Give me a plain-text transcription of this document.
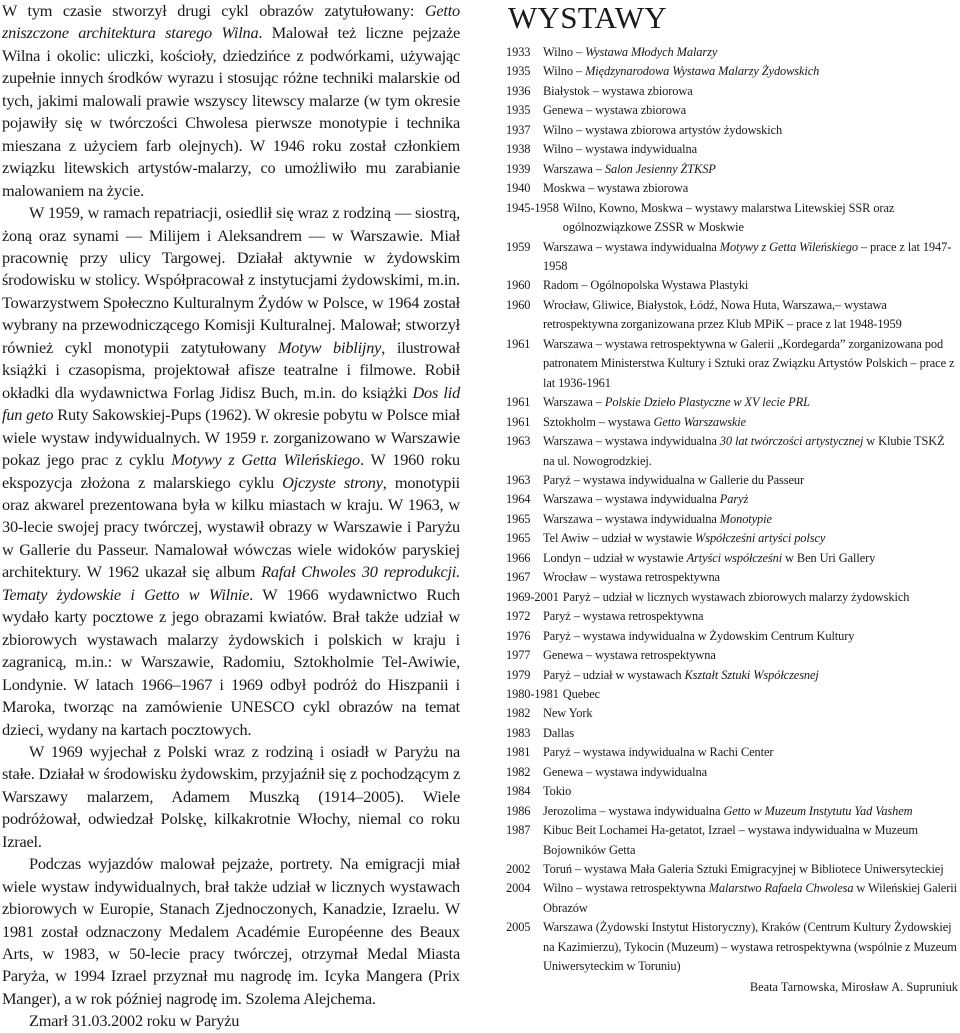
W tym czasie stworzył drugi cykl obrazów zatytułowany: Getto zniszczone architektura starego Wilna. Malował też liczne pejzaże Wilna i okolic: uliczki, kościoły, dziedzińce z podwórkami, używając zupełnie innych środków wyrazu i stosując różne techniki malarskie od tych, jakimi malowali prawie wszyscy litewscy malarze (w tym okresie pojawiły się w twórczości Chwolesa pierwsze monotypie i technika mieszana z użyciem farb olejnych). W 1946 roku został członkiem związku litewskich artystów-malarzy, co umożliwiło mu zarabianie malowaniem na życie.

W 1959, w ramach repatriacji, osiedlił się wraz z rodziną — siostrą, żoną oraz synami — Milijem i Aleksandrem — w Warszawie. Miał pracownię przy ulicy Targowej. Działał aktywnie w żydowskim środowisku w stolicy. Współpracował z instytucjami żydowskimi, m.in. Towarzystwem Społeczno Kulturalnym Żydów w Polsce, w 1964 został wybrany na przewodniczącego Komisji Kulturalnej. Malował; stworzył również cykl monotypii zatytułowany Motyw biblijny, ilustrował książki i czasopisma, projektował afisze teatralne i filmowe. Robił okładki dla wydawnictwa Forlag Jidisz Buch, m.in. do książki Dos lid fun geto Ruty Sakowskiej-Pups (1962). W okresie pobytu w Polsce miał wiele wystaw indywidualnych. W 1959 r. zorganizowano w Warszawie pokaz jego prac z cyklu Motywy z Getta Wileńskiego. W 1960 roku ekspozycja złożona z malarskiego cyklu Ojczyste strony, monotypii oraz akwarel prezentowana była w kilku miastach w kraju. W 1963, w 30-lecie swojej pracy twórczej, wystawił obrazy w Warszawie i Paryżu w Gallerie du Passeur. Namalował wówczas wiele widoków paryskiej architektury. W 1962 ukazał się album Rafał Chwoles 30 reprodukcji. Tematy żydowskie i Getto w Wilnie. W 1966 wydawnictwo Ruch wydało karty pocztowe z jego obrazami kwiatów. Brał także udział w zbiorowych wystawach malarzy żydowskich i polskich w kraju i zagranicą, m.in.: w Warszawie, Radomiu, Sztokholmie Tel-Awiwie, Londynie. W latach 1966–1967 i 1969 odbył podróż do Hiszpanii i Maroka, tworząc na zamówienie UNESCO cykl obrazów na temat dzieci, wydany na kartach pocztowych.

W 1969 wyjechał z Polski wraz z rodziną i osiadł w Paryżu na stałe. Działał w środowisku żydowskim, przyjaźnił się z pochodzącym z Warszawy malarzem, Adamem Muszką (1914–2005). Wiele podróżował, odwiedzał Polskę, kilkakrotnie Włochy, niemal co roku Izrael.

Podczas wyjazdów malował pejzaże, portrety. Na emigracji miał wiele wystaw indywidualnych, brał także udział w licznych wystawach zbiorowych w Europie, Stanach Zjednoczonych, Kanadzie, Izraelu. W 1981 został odznaczony Medalem Académie Européenne des Beaux Arts, w 1983, w 50-lecie pracy twórczej, otrzymał Medal Miasta Paryża, w 1994 Izrael przyznał mu nagrodę im. Icyka Mangera (Prix Manger), a w rok później nagrodę im. Szolema Alejchema.

Zmarł 31.03.2002 roku w Paryżu

WYSTAWY
1933	Wilno – Wystawa Młodych Malarzy
1935	Wilno – Międzynarodowa Wystawa Malarzy Żydowskich
1936	Białystok – wystawa zbiorowa
1935	Genewa – wystawa zbiorowa
1937	Wilno – wystawa zbiorowa artystów żydowskich
1938	Wilno – wystawa indywidualna
1939	Warszawa – Salon Jesienny ŻTKSP
1940	Moskwa – wystawa zbiorowa
1945-1958 Wilno, Kowno, Moskwa – wystawy malarstwa Litewskiej SSR oraz ogólnozwiązkowe ZSSR w Moskwie
1959	Warszawa – wystawa indywidualna Motywy z Getta Wileńskiego – prace z lat 1947-1958
1960	Radom – Ogólnopolska Wystawa Plastyki
1960	Wrocław, Gliwice, Białystok, Łódź, Nowa Huta, Warszawa,– wystawa retrospektywna zorganizowana przez Klub MPiK – prace z lat 1948-1959
1961	Warszawa – wystawa retrospektywna w Galerii „Kordegarda” zorganizowana pod patronatem Ministerstwa Kultury i Sztuki oraz Związku Artystów Polskich – prace z lat 1936-1961
1961	Warszawa – Polskie Dzieło Plastyczne w XV lecie PRL
1961	Sztokholm – wystawa Getto Warszawskie
1963	Warszawa – wystawa indywidualna 30 lat twórczości artystycznej w Klubie TSKŻ na ul. Nowogrodzkiej.
1963	Paryż – wystawa indywidualna w Gallerie du Passeur
1964	Warszawa – wystawa indywidualna Paryż
1965	Warszawa – wystawa indywidualna Monotypie
1965	Tel Awiw – udział w wystawie Współcześni artyści polscy
1966	Londyn – udział w wystawie Artyści współcześni w Ben Uri Gallery
1967	Wrocław – wystawa retrospektywna
1969-2001 Paryż – udział w licznych wystawach zbiorowych malarzy żydowskich
1972	Paryż – wystawa retrospektywna
1976	Paryż – wystawa indywidualna w Żydowskim Centrum Kultury
1977	Genewa – wystawa retrospektywna
1979	Paryż – udział w wystawach Kształt Sztuki Współczesnej
1980-1981 Quebec
1982	New York
1983	Dallas
1981	Paryż – wystawa indywidualna w Rachi Center
1982	Genewa – wystawa indywidualna
1984	Tokio
1986	Jerozolima – wystawa indywidualna Getto w Muzeum Instytutu Yad Vashem
1987	Kibuc Beit Lochamei Ha-getatot, Izrael – wystawa indywidualna w Muzeum Bojowników Getta
2002	Toruń – wystawa Mała Galeria Sztuki Emigracyjnej w Bibliotece Uniwersyteckiej
2004	Wilno – wystawa retrospektywna Malarstwo Rafaela Chwolesa w Wileńskiej Galerii Obrazów
2005	Warszawa (Żydowski Instytut Historyczny), Kraków (Centrum Kultury Żydowskiej na Kazimierzu), Tykocin (Muzeum) – wystawa retrospektywna (wspólnie z Muzeum Uniwersyteckim w Toruniu)
Beata Tarnowska, Mirosław A. Supruniuk
